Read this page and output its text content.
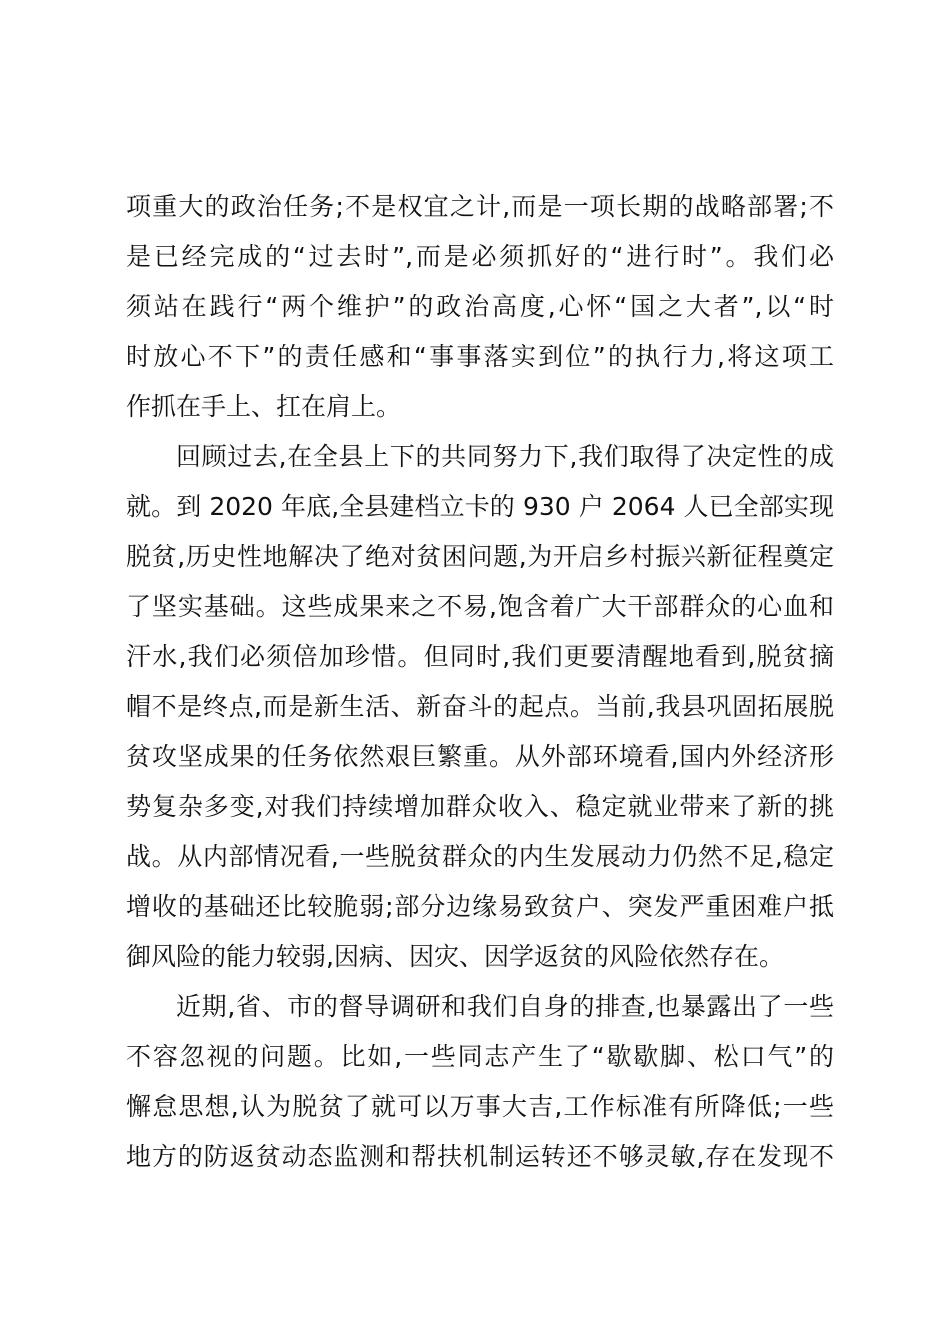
项重大的政治任务;不是权宜之计,而是一项长期的战略部署;不
是已经完成的“过去时”,而是必须抓好的“进行时”。我们必
须站在践行“两个维护”的政治高度,心怀“国之大者”,以“时
时放心不下”的责任感和“事事落实到位”的执行力,将这项工
作抓在手上、扛在肩上。
回顾过去,在全县上下的共同努力下,我们取得了决定性的成
就。到 2020 年底,全县建档立卡的 930 户 2064 人已全部实现
脱贫,历史性地解决了绝对贫困问题,为开启乡村振兴新征程奠定
了坚实基础。这些成果来之不易,饱含着广大干部群众的心血和
汗水,我们必须倍加珍惜。但同时,我们更要清醒地看到,脱贫摘
帽不是终点,而是新生活、新奋斗的起点。当前,我县巩固拓展脱
贫攻坚成果的任务依然艰巨繁重。从外部环境看,国内外经济形
势复杂多变,对我们持续增加群众收入、稳定就业带来了新的挑
战。从内部情况看,一些脱贫群众的内生发展动力仍然不足,稳定
增收的基础还比较脆弱;部分边缘易致贫户、突发严重困难户抵
御风险的能力较弱,因病、因灾、因学返贫的风险依然存在。
近期,省、市的督导调研和我们自身的排查,也暴露出了一些
不容忽视的问题。比如,一些同志产生了“歇歇脚、松口气”的
懈怠思想,认为脱贫了就可以万事大吉,工作标准有所降低;一些
地方的防返贫动态监测和帮扶机制运转还不够灵敏,存在发现不
